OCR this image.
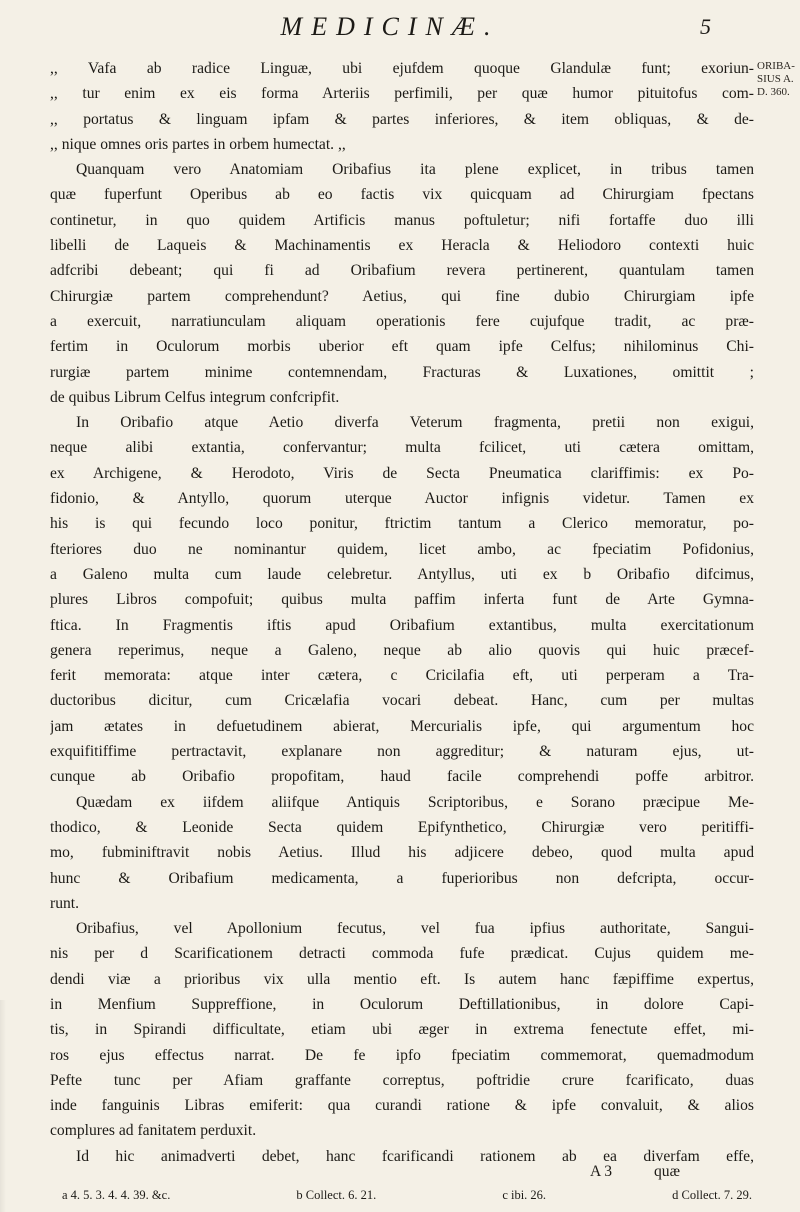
MEDICINÆ.	5
ORIBA-
SIUS A.
D. 360.
,, Vafa ab radice Linguæ, ubi ejufdem quoque Glandulæ funt; exoriun-
,, tur enim ex eis forma Arteriis perfimili, per quæ humor pituitofus com-
,, portatus & linguam ipfam & partes inferiores, & item obliquas, & de-
,, nique omnes oris partes in orbem humectat. ,,
Quanquam vero Anatomiam Oribafius ita plene explicet, in tribus tamen
quæ fuperfunt Operibus ab eo factis vix quicquam ad Chirurgiam fpectans
continetur, in quo quidem Artificis manus poftuletur; nifi fortaffe duo illi
libelli de Laqueis & Machinamentis ex Heracla & Heliodoro contexti huic
adfcribi debeant; qui fi ad Oribafium revera pertinerent, quantulam tamen
Chirurgiæ partem comprehendunt? Aetius, qui fine dubio Chirurgiam ipfe
a exercuit, narratiunculam aliquam operationis fere cujufque tradit, ac præ-
fertim in Oculorum morbis uberior eft quam ipfe Celfus; nihilominus Chi-
rurgiæ partem minime contemnendam, Fracturas & Luxationes, omittit ;
de quibus Librum Celfus integrum confcripfit.
In Oribafio atque Aetio diverfa Veterum fragmenta, pretii non exigui,
neque alibi extantia, confervantur; multa fcilicet, uti cætera omittam,
ex Archigene, & Herodoto, Viris de Secta Pneumatica clariffimis: ex Po-
fidonio, & Antyllo, quorum uterque Auctor infignis videtur. Tamen ex
his is qui fecundo loco ponitur, ftrictim tantum a Clerico memoratur, po-
fteriores duo ne nominantur quidem, licet ambo, ac fpeciatim Pofidonius,
a Galeno multa cum laude celebretur. Antyllus, uti ex b Oribafio difcimus,
plures Libros compofuit; quibus multa paffim inferta funt de Arte Gymna-
ftica. In Fragmentis iftis apud Oribafium extantibus, multa exercitationum
genera reperimus, neque a Galeno, neque ab alio quovis qui huic præcef-
ferit memorata: atque inter cætera, c Cricilafia eft, uti perperam a Tra-
ductoribus dicitur, cum Cricælafia vocari debeat. Hanc, cum per multas
jam ætates in defuetudinem abierat, Mercurialis ipfe, qui argumentum hoc
exquifitiffime pertractavit, explanare non aggreditur; & naturam ejus, ut-
cunque ab Oribafio propofitam, haud facile comprehendi poffe arbitror.
Quædam ex iifdem aliifque Antiquis Scriptoribus, e Sorano præcipue Me-
thodico, & Leonide Secta quidem Epifynthetico, Chirurgiæ vero peritiffi-
mo, fubminiftravit nobis Aetius. Illud his adjicere debeo, quod multa apud
hunc & Oribafium medicamenta, a fuperioribus non defcripta, occur-
runt.
Oribafius, vel Apollonium fecutus, vel fua ipfius authoritate, Sangui-
nis per d Scarificationem detracti commoda fufe prædicat. Cujus quidem me-
dendi viæ a prioribus vix ulla mentio eft. Is autem hanc fæpiffime expertus,
in Menfium Suppreffione, in Oculorum Deftillationibus, in dolore Capi-
tis, in Spirandi difficultate, etiam ubi æger in extrema fenectute effet, mi-
ros ejus effectus narrat. De fe ipfo fpeciatim commemorat, quemadmodum
Pefte tunc per Afiam graffante correptus, poftridie crure fcarificato, duas
inde fanguinis Libras emiferit: qua curandi ratione & ipfe convaluit, & alios
complures ad fanitatem perduxit.
Id hic animadverti debet, hanc fcarificandi rationem ab ea diverfam effe,
A 3	quæ
a 4. 5. 3. 4. 4. 39. &c.	b Collect. 6. 21.	c ibi. 26.	d Collect. 7. 29.
